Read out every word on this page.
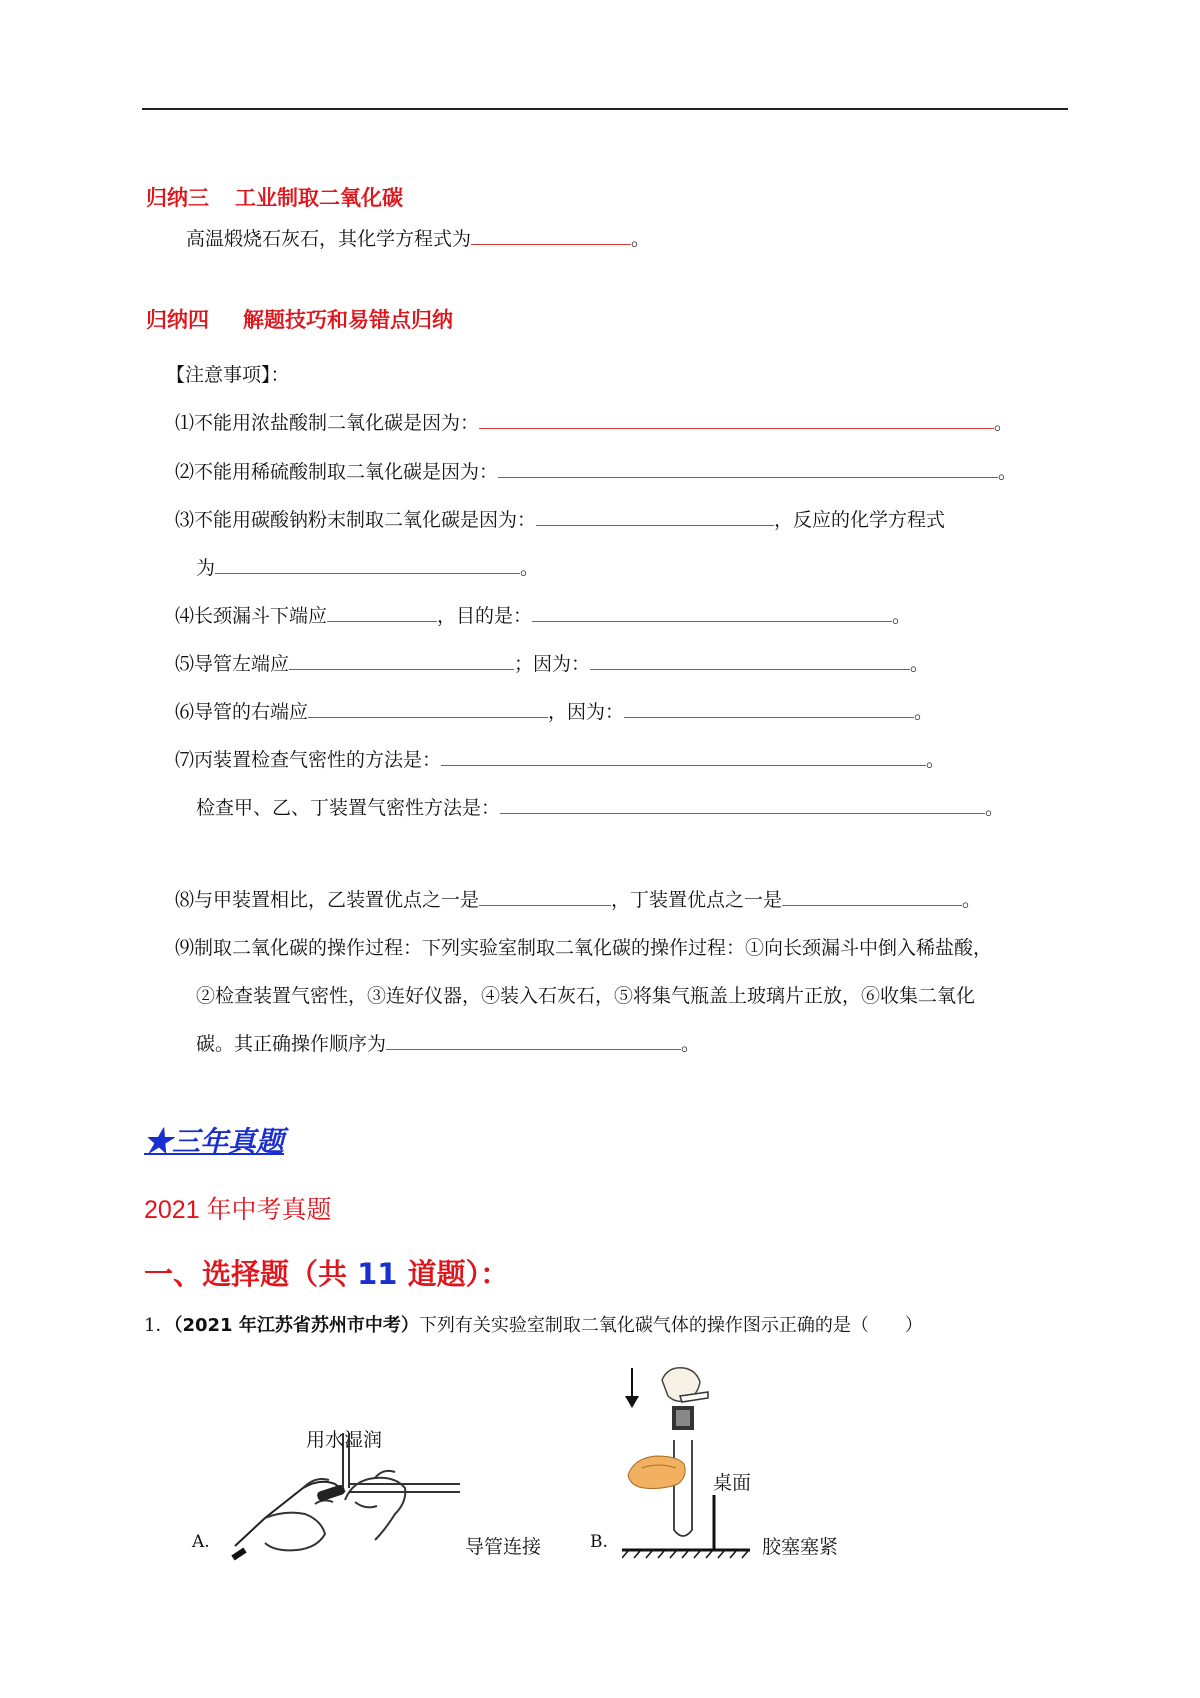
归纳三 工业制取二氧化碳
高温煅烧石灰石，其化学方程式为	。
归纳四 解题技巧和易错点归纳
【注意事项】：
⑴不能用浓盐酸制二氧化碳是因为：	。
⑵不能用稀硫酸制取二氧化碳是因为：	。
⑶不能用碳酸钠粉末制取二氧化碳是因为：	，反应的化学方程式
为	。
⑷长颈漏斗下端应	，目的是：	。
⑸导管左端应	；因为：	。
⑹导管的右端应	，因为：	。
⑺丙装置检查气密性的方法是：	。
检查甲、乙、丁装置气密性方法是：	。
⑻与甲装置相比，乙装置优点之一是	，丁装置优点之一是	。
⑼制取二氧化碳的操作过程：下列实验室制取二氧化碳的操作过程：①向长颈漏斗中倒入稀盐酸，
②检查装置气密性，③连好仪器，④装入石灰石，⑤将集气瓶盖上玻璃片正放，⑥收集二氧化
碳。其正确操作顺序为	。
★三年真题
2021 年中考真题
一、选择题（共 11 道题）：
1．（2021 年江苏省苏州市中考）下列有关实验室制取二氧化碳气体的操作图示正确的是（　　）
A.
用水湿润
导管连接	B.
桌面
胶塞塞紧
